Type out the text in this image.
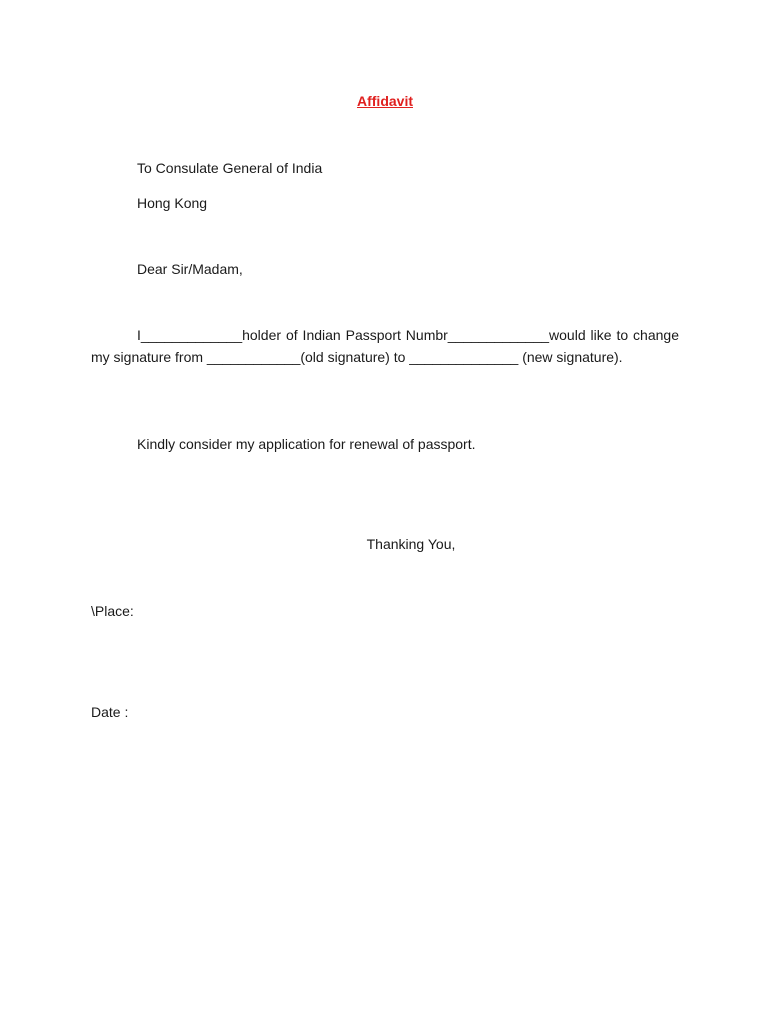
Affidavit
To Consulate General of India
Hong Kong
Dear Sir/Madam,
I_____________holder of Indian Passport Numbr_____________would like to change my signature from ____________(old signature) to ______________ (new signature).
Kindly consider my application for renewal of passport.
Thanking You,
\Place:
Date :
